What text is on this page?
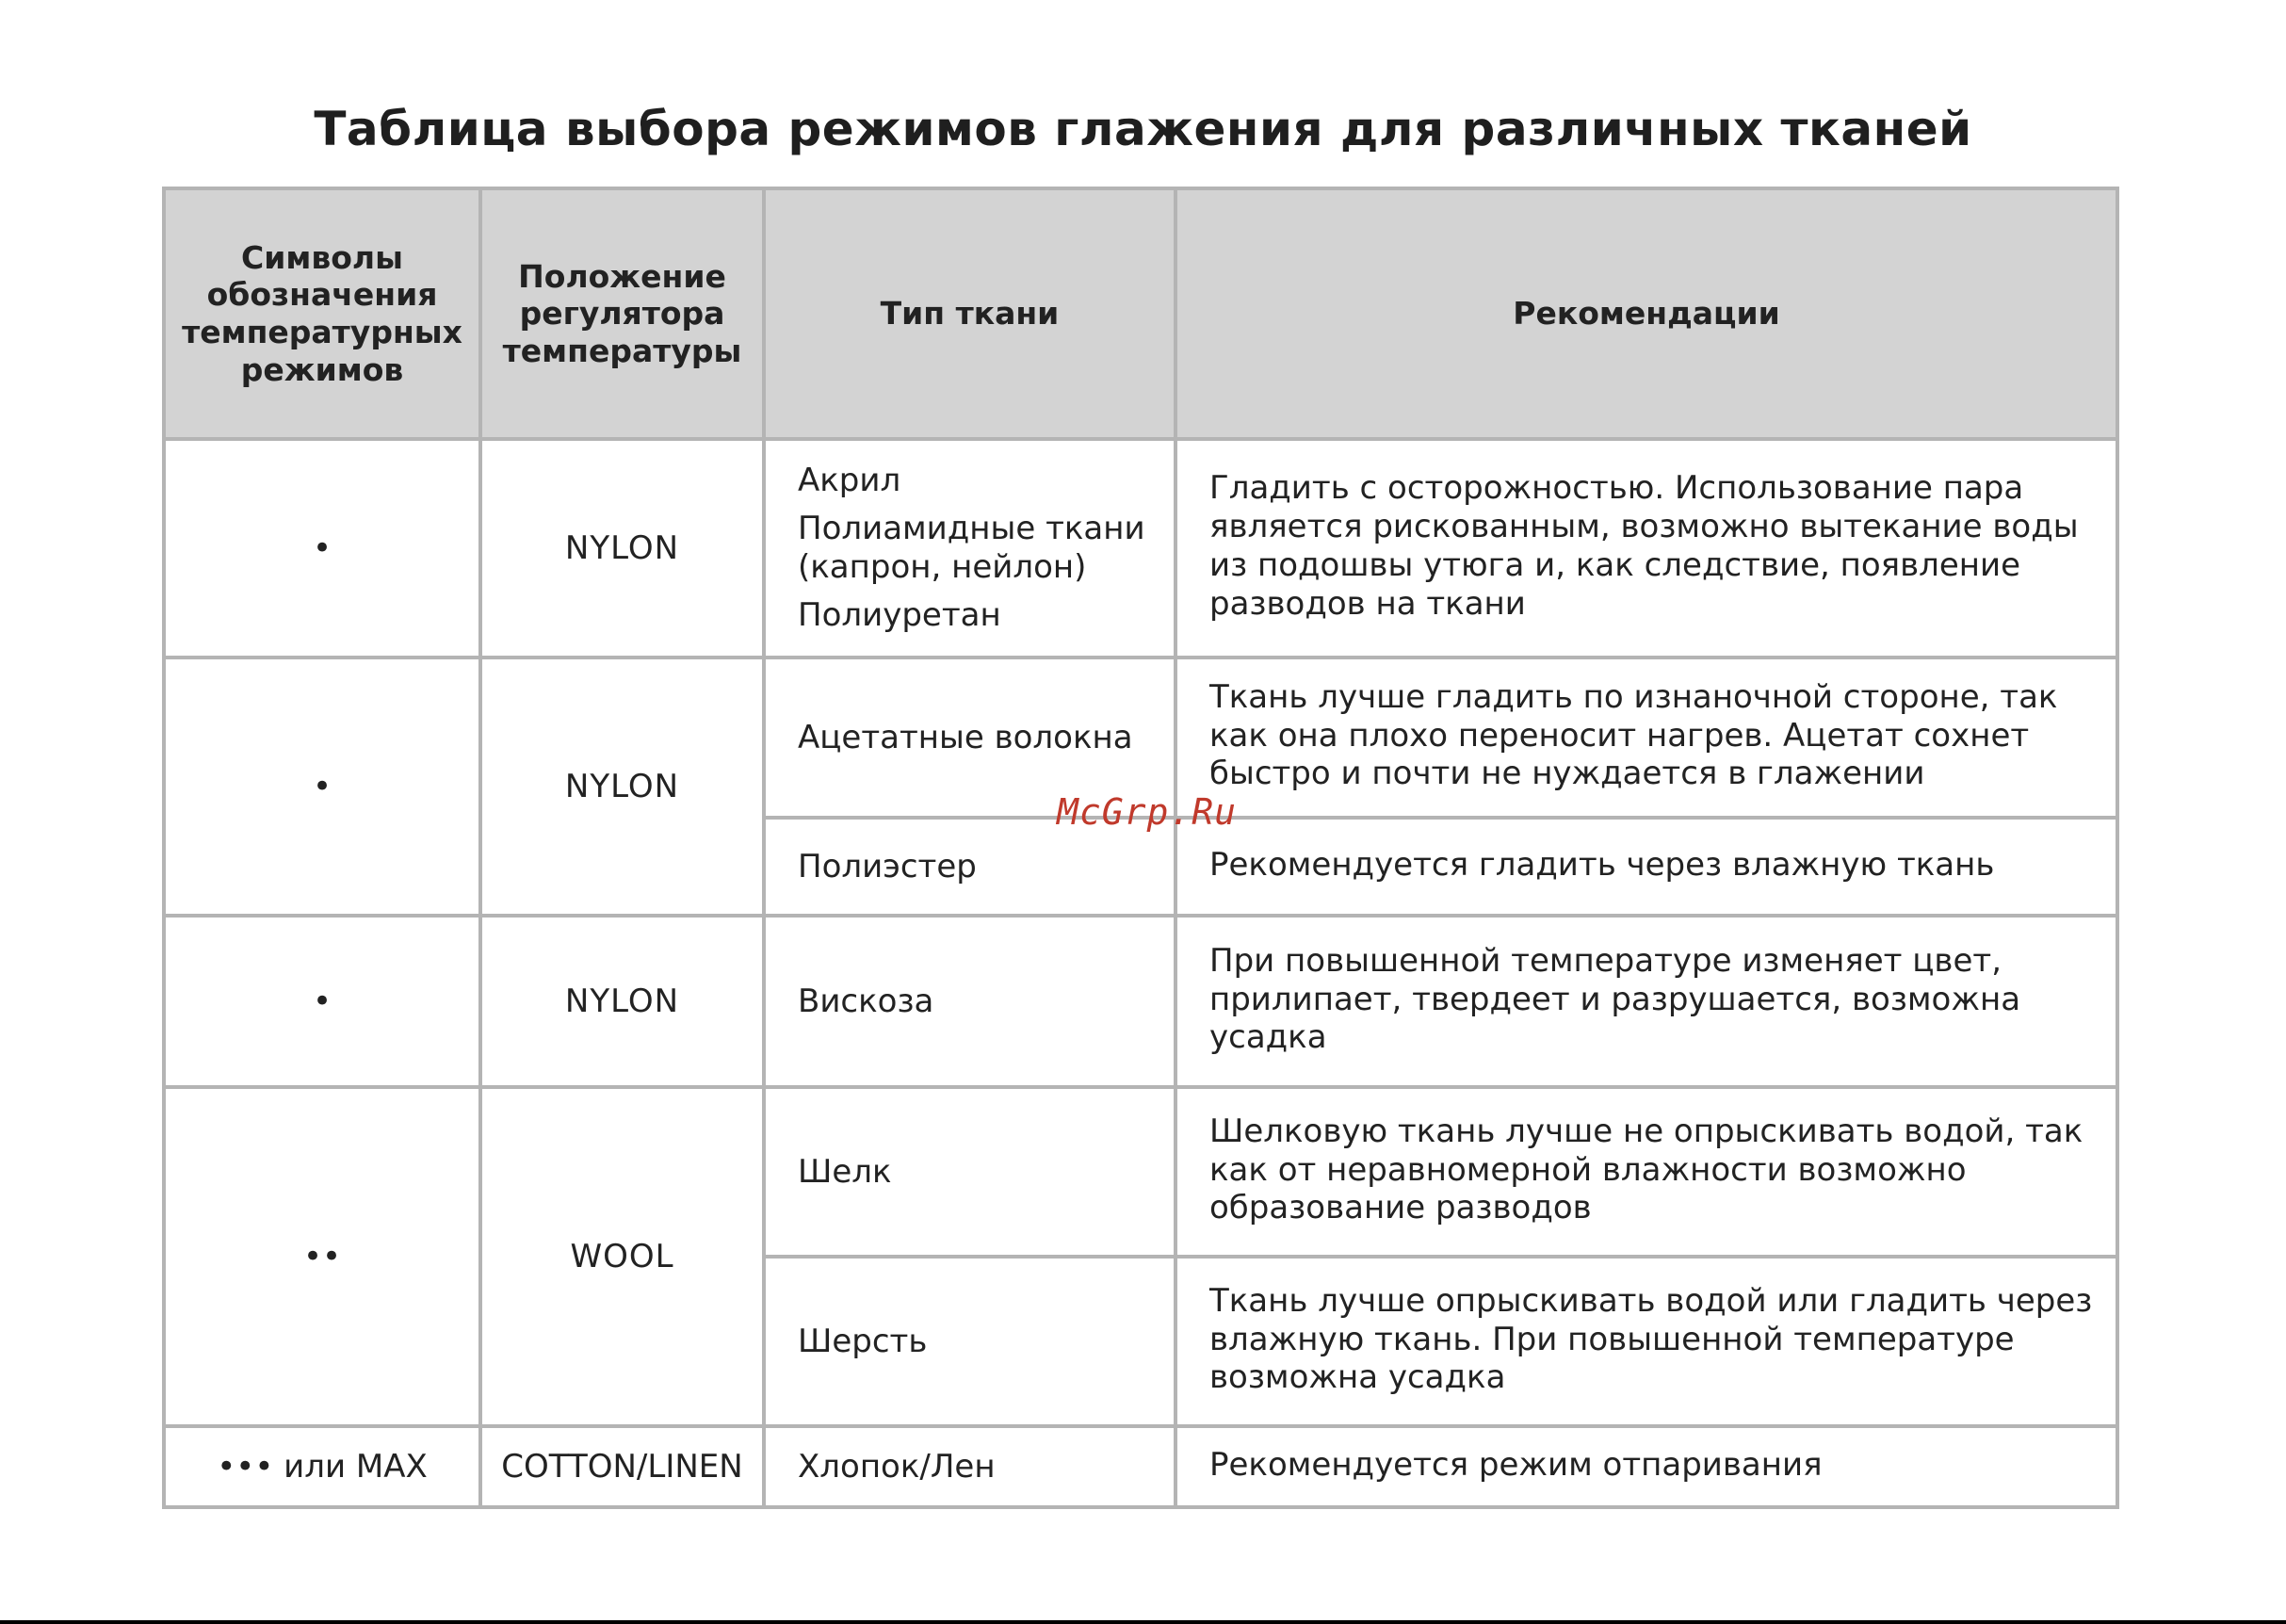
Таблица выбора режимов глажения для различных тканей
Символы обозначения температурных режимов	Положение регулятора температуры	Тип ткани	Рекомендации
•	NYLON	Акрил
Полиамидные ткани (капрон, нейлон)
Полиуретан	Гладить с осторожностью. Использование пара является рискованным, возможно вытекание воды из подошвы утюга и, как следствие, появление разводов на ткани
•	NYLON	Ацетатные волокна	Ткань лучше гладить по изнаночной стороне, так как она плохо переносит нагрев. Ацетат сохнет быстро и почти не нуждается в глажении

		Полиэстер	Рекомендуется гладить через влажную ткань
•	NYLON	Вискоза	При повышенной температуре изменяет цвет, прилипает, твердеет и разрушается, возможна усадка
••	WOOL	Шелк	Шелковую ткань лучше не опрыскивать водой, так как от неравномерной влажности возможно образование разводов

		Шерсть	Ткань лучше опрыскивать водой или гладить через влажную ткань. При повышенной температуре возможна усадка
••• или MAX	COTTON/LINEN	Хлопок/Лен	Рекомендуется режим отпаривания
McGrp.Ru
